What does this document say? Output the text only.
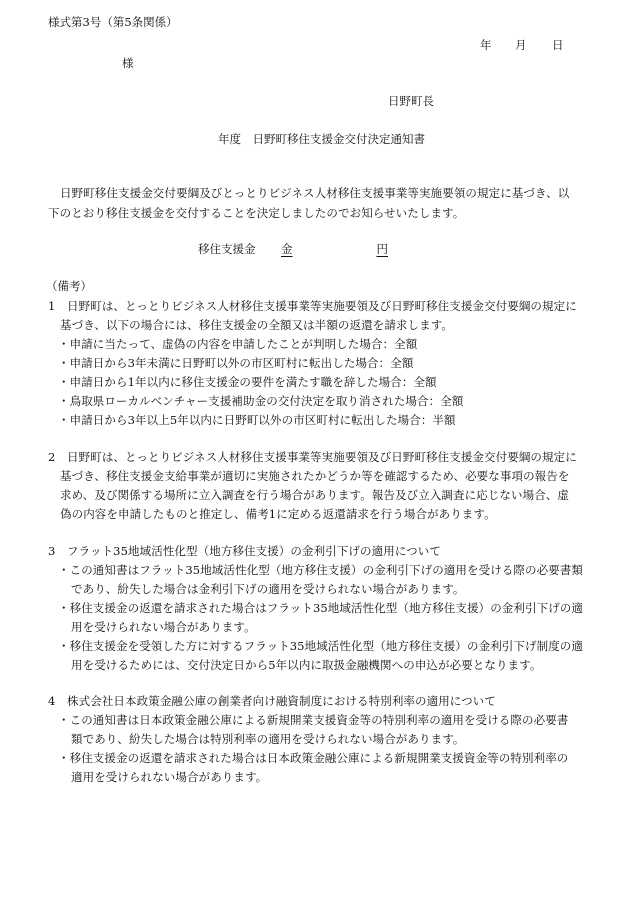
様式第3号（第5条関係）
年 月 日
様
日野町長
年度　日野町移住支援金交付決定通知書
日野町移住支援金交付要綱及びとっとりビジネス人材移住支援事業等実施要領の規定に基づき、以
下のとおり移住支援金を交付することを決定しましたのでお知らせいたします。
移住支援金 金	円
（備考）
1　日野町は、とっとりビジネス人材移住支援事業等実施要領及び日野町移住支援金交付要綱の規定に
基づき、以下の場合には、移住支援金の全額又は半額の返還を請求します。
・申請に当たって、虚偽の内容を申請したことが判明した場合：全額
・申請日から3年未満に日野町以外の市区町村に転出した場合：全額
・申請日から1年以内に移住支援金の要件を満たす職を辞した場合：全額
・鳥取県ローカルベンチャー支援補助金の交付決定を取り消された場合：全額
・申請日から3年以上5年以内に日野町以外の市区町村に転出した場合：半額
2　日野町は、とっとりビジネス人材移住支援事業等実施要領及び日野町移住支援金交付要綱の規定に
基づき、移住支援金支給事業が適切に実施されたかどうか等を確認するため、必要な事項の報告を
求め、及び関係する場所に立入調査を行う場合があります。報告及び立入調査に応じない場合、虚
偽の内容を申請したものと推定し、備考1に定める返還請求を行う場合があります。
3　フラット35地域活性化型（地方移住支援）の金利引下げの適用について
・この通知書はフラット35地域活性化型（地方移住支援）の金利引下げの適用を受ける際の必要書類
であり、紛失した場合は金利引下げの適用を受けられない場合があります。
・移住支援金の返還を請求された場合はフラット35地域活性化型（地方移住支援）の金利引下げの適
用を受けられない場合があります。
・移住支援金を受領した方に対するフラット35地域活性化型（地方移住支援）の金利引下げ制度の適
用を受けるためには、交付決定日から5年以内に取扱金融機関への申込が必要となります。
4　株式会社日本政策金融公庫の創業者向け融資制度における特別利率の適用について
・この通知書は日本政策金融公庫による新規開業支援資金等の特別利率の適用を受ける際の必要書
類であり、紛失した場合は特別利率の適用を受けられない場合があります。
・移住支援金の返還を請求された場合は日本政策金融公庫による新規開業支援資金等の特別利率の
適用を受けられない場合があります。
